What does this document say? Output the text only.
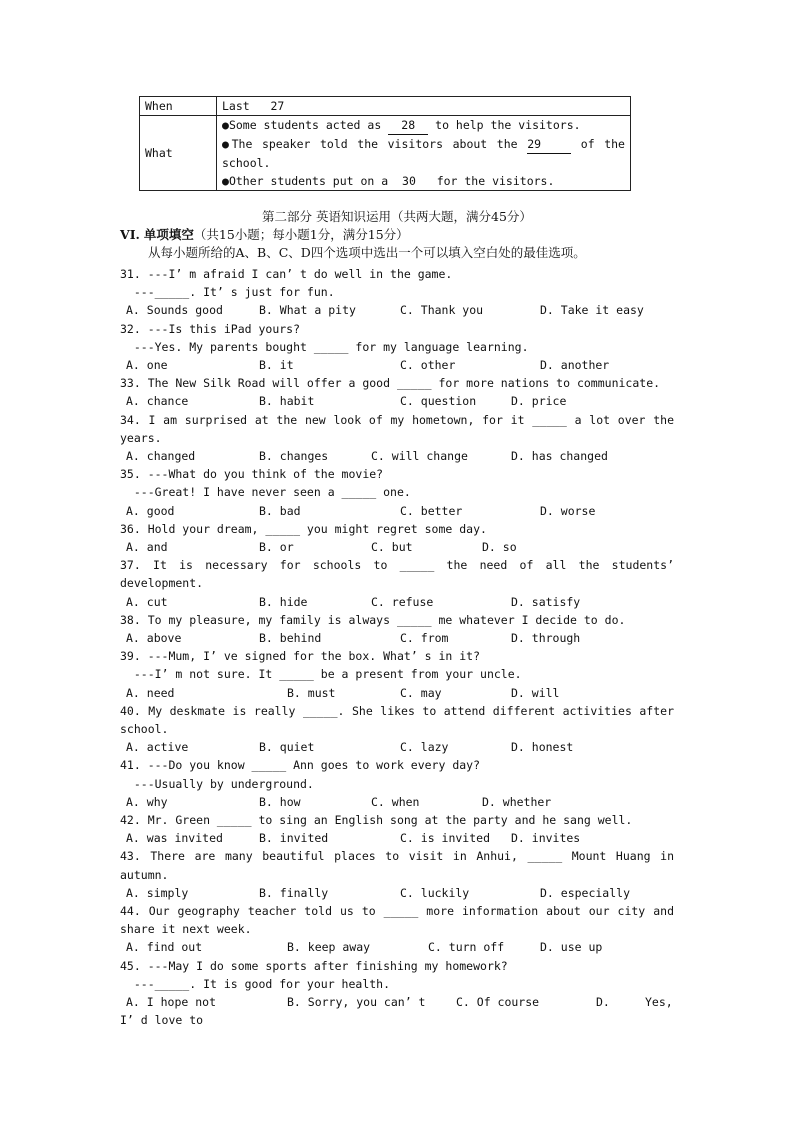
When	Last 27
What	●Some students acted as 28 to help the visitors.
●The speaker told the visitors about the 29 of the
school.
●Other students put on a 30 for the visitors.
第二部分 英语知识运用（共两大题，满分45分）
VI. 单项填空（共15小题；每小题1分，满分15分）
从每小题所给的A、B、C、D四个选项中选出一个可以填入空白处的最佳选项。
31. ---I’ m afraid I can’ t do well in the game.
---_____. It’ s just for fun.
A. Sounds good	B. What a pity	C. Thank you	D. Take it easy
32. ---Is this iPad yours?
---Yes. My parents bought _____ for my language learning.
A. one	B. it	C. other	D. another
33. The New Silk Road will offer a good _____ for more nations to communicate.
A. chance	B. habit	C. question	D. price
34. I am surprised at the new look of my hometown, for it _____ a lot over the
years.
A. changed	B. changes	C. will change	D. has changed
35. ---What do you think of the movie?
---Great! I have never seen a _____ one.
A. good	B. bad	C. better	D. worse
36. Hold your dream, _____ you might regret some day.
A. and	B. or	C. but	D. so
37. It is necessary for schools to _____ the need of all the students’
development.
A. cut	B. hide	C. refuse	D. satisfy
38. To my pleasure, my family is always _____ me whatever I decide to do.
A. above	B. behind	C. from	D. through
39. ---Mum, I’ ve signed for the box. What’ s in it?
---I’ m not sure. It _____ be a present from your uncle.
A. need	B. must	C. may	D. will
40. My deskmate is really _____. She likes to attend different activities after
school.
A. active	B. quiet	C. lazy	D. honest
41. ---Do you know _____ Ann goes to work every day?
---Usually by underground.
A. why	B. how	C. when	D. whether
42. Mr. Green _____ to sing an English song at the party and he sang well.
A. was invited	B. invited	C. is invited D. invites
43. There are many beautiful places to visit in Anhui, _____ Mount Huang in
autumn.
A. simply	B. finally	C. luckily	D. especially
44. Our geography teacher told us to _____ more information about our city and
share it next week.
A. find out	B. keep away	C. turn off	D. use up
45. ---May I do some sports after finishing my homework?
---_____. It is good for your health.
A. I hope not	B. Sorry, you can’ t	C. Of course	D.	Yes,
I’ d love to
